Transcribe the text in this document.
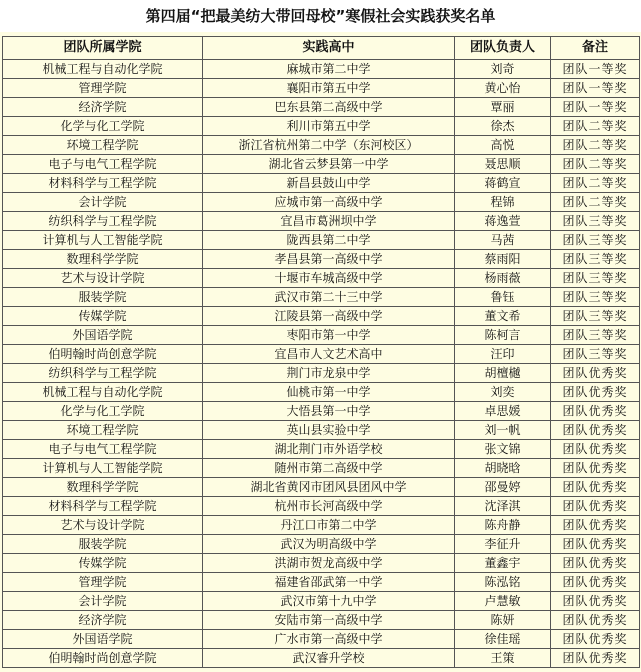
第四届“把最美纺大带回母校”寒假社会实践获奖名单
团队所属学院	实践高中	团队负责人	备注
机械工程与自动化学院	麻城市第二中学	刘奇	团队一等奖
管理学院	襄阳市第五中学	黄心怡	团队一等奖
经济学院	巴东县第二高级中学	覃丽	团队一等奖
化学与化工学院	利川市第五中学	徐杰	团队二等奖
环境工程学院	浙江省杭州第二中学（东河校区）	高悦	团队二等奖
电子与电气工程学院	湖北省云梦县第一中学	聂思顺	团队二等奖
材料科学与工程学院	新昌县鼓山中学	蒋鹤宣	团队二等奖
会计学院	应城市第一高级中学	程锦	团队二等奖
纺织科学与工程学院	宜昌市葛洲坝中学	蒋逸萱	团队三等奖
计算机与人工智能学院	陇西县第二中学	马茜	团队三等奖
数理科学学院	孝昌县第一高级中学	蔡雨阳	团队三等奖
艺术与设计学院	十堰市车城高级中学	杨雨薇	团队三等奖
服装学院	武汉市第二十三中学	鲁钰	团队三等奖
传媒学院	江陵县第一高级中学	董文希	团队三等奖
外国语学院	枣阳市第一中学	陈柯言	团队三等奖
伯明翰时尚创意学院	宜昌市人文艺术高中	汪印	团队三等奖
纺织科学与工程学院	荆门市龙泉中学	胡檀樾	团队优秀奖
机械工程与自动化学院	仙桃市第一中学	刘奕	团队优秀奖
化学与化工学院	大悟县第一中学	卓思媛	团队优秀奖
环境工程学院	英山县实验中学	刘一帆	团队优秀奖
电子与电气工程学院	湖北荆门市外语学校	张文锦	团队优秀奖
计算机与人工智能学院	随州市第二高级中学	胡晓晗	团队优秀奖
数理科学学院	湖北省黄冈市团风县团风中学	邵曼婷	团队优秀奖
材料科学与工程学院	杭州市长河高级中学	沈泽淇	团队优秀奖
艺术与设计学院	丹江口市第二中学	陈舟静	团队优秀奖
服装学院	武汉为明高级中学	李征升	团队优秀奖
传媒学院	洪湖市贺龙高级中学	董鑫宇	团队优秀奖
管理学院	福建省邵武第一中学	陈泓铭	团队优秀奖
会计学院	武汉市第十九中学	卢慧敏	团队优秀奖
经济学院	安陆市第一高级中学	陈妍	团队优秀奖
外国语学院	广水市第一高级中学	徐佳瑶	团队优秀奖
伯明翰时尚创意学院	武汉睿升学校	王策	团队优秀奖
